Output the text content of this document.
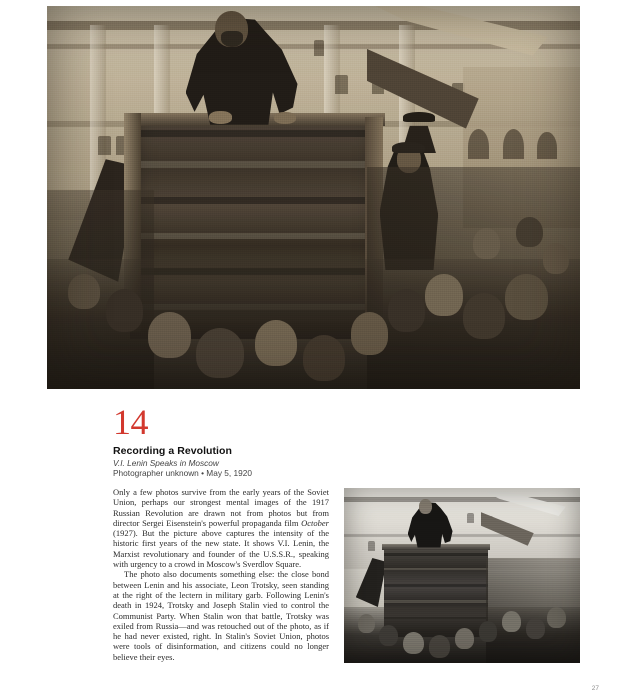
14
Recording a Revolution
V.I. Lenin Speaks in Moscow
Photographer unknown • May 5, 1920

Only a few photos survive from the early years of the Soviet Union, perhaps our strongest mental images of the 1917 Russian Revolution are drawn not from photos but from director Sergei Eisenstein's powerful propaganda film October (1927). But the picture above captures the intensity of the historic first years of the new state. It shows V.I. Lenin, the Marxist revolutionary and founder of the U.S.S.R., speaking with urgency to a crowd in Moscow's Sverdlov Square.

The photo also documents something else: the close bond between Lenin and his associate, Leon Trotsky, seen standing at the right of the lectern in military garb. Following Lenin's death in 1924, Trotsky and Joseph Stalin vied to control the Communist Party. When Stalin won that battle, Trotsky was exiled from Russia—and was retouched out of the photo, as if he had never existed, right. In Stalin's Soviet Union, photos were tools of disinformation, and citizens could no longer believe their eyes.

27
